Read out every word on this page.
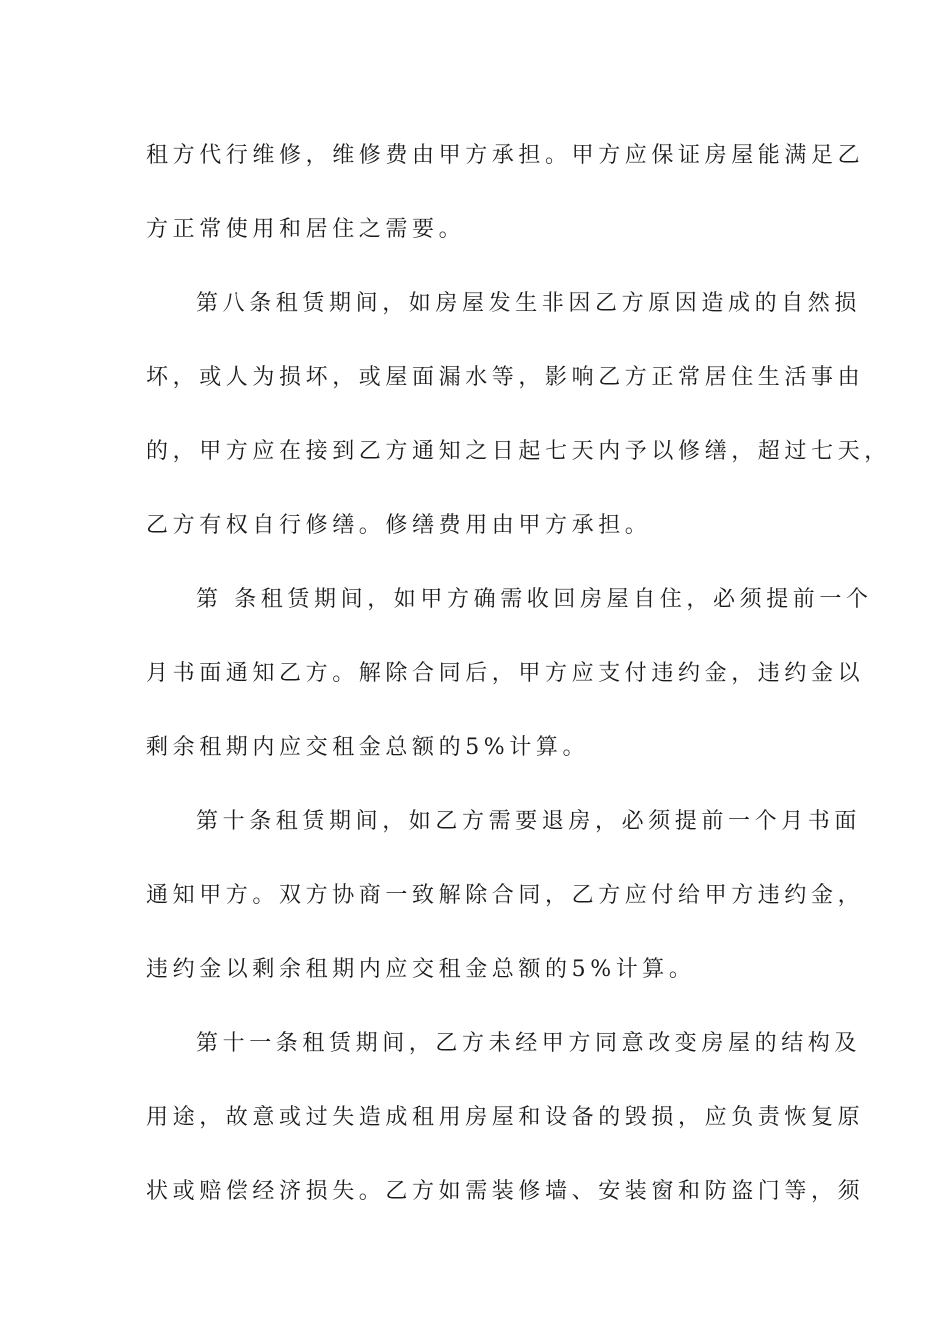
租方代行维修，维修费由甲方承担。甲方应保证房屋能满足乙
方正常使用和居住之需要。
第八条租赁期间，如房屋发生非因乙方原因造成的自然损
坏，或人为损坏，或屋面漏水等，影响乙方正常居住生活事由
的，甲方应在接到乙方通知之日起七天内予以修缮，超过七天，
乙方有权自行修缮。修缮费用由甲方承担。
第 条租赁期间，如甲方确需收回房屋自住，必须提前一个
月书面通知乙方。解除合同后，甲方应支付违约金，违约金以
剩余租期内应交租金总额的5%计算。
第十条租赁期间，如乙方需要退房，必须提前一个月书面
通知甲方。双方协商一致解除合同，乙方应付给甲方违约金，
违约金以剩余租期内应交租金总额的5%计算。
第十一条租赁期间，乙方未经甲方同意改变房屋的结构及
用途，故意或过失造成租用房屋和设备的毁损，应负责恢复原
状或赔偿经济损失。乙方如需装修墙、安装窗和防盗门等，须
